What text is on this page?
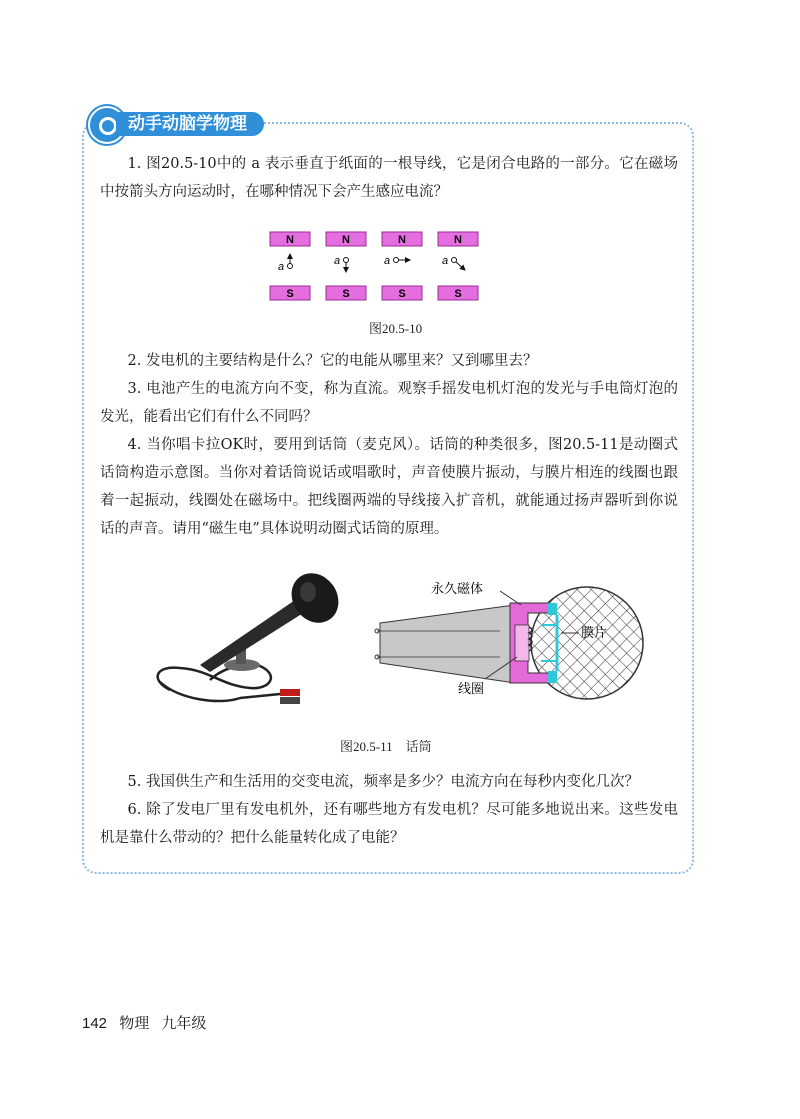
动手动脑学物理

1. 图20.5-10中的 a 表示垂直于纸面的一根导线，它是闭合电路的一部分。它在磁场中按箭头方向运动时，在哪种情况下会产生感应电流？

N
S
a
N
S
a
N
S
a
N
S
a
图20.5-10

2. 发电机的主要结构是什么？它的电能从哪里来？又到哪里去？

3. 电池产生的电流方向不变，称为直流。观察手摇发电机灯泡的发光与手电筒灯泡的发光，能看出它们有什么不同吗？

4. 当你唱卡拉OK时，要用到话筒（麦克风）。话筒的种类很多，图20.5-11是动圈式话筒构造示意图。当你对着话筒说话或唱歌时，声音使膜片振动，与膜片相连的线圈也跟着一起振动，线圈处在磁场中。把线圈两端的导线接入扩音机，就能通过扬声器听到你说话的声音。请用“磁生电”具体说明动圈式话筒的原理。

永久磁体
膜片
线圈
图20.5-11　话筒

5. 我国供生产和生活用的交变电流，频率是多少？电流方向在每秒内变化几次？

6. 除了发电厂里有发电机外，还有哪些地方有发电机？尽可能多地说出来。这些发电机是靠什么带动的？把什么能量转化成了电能？

142 物理 九年级
